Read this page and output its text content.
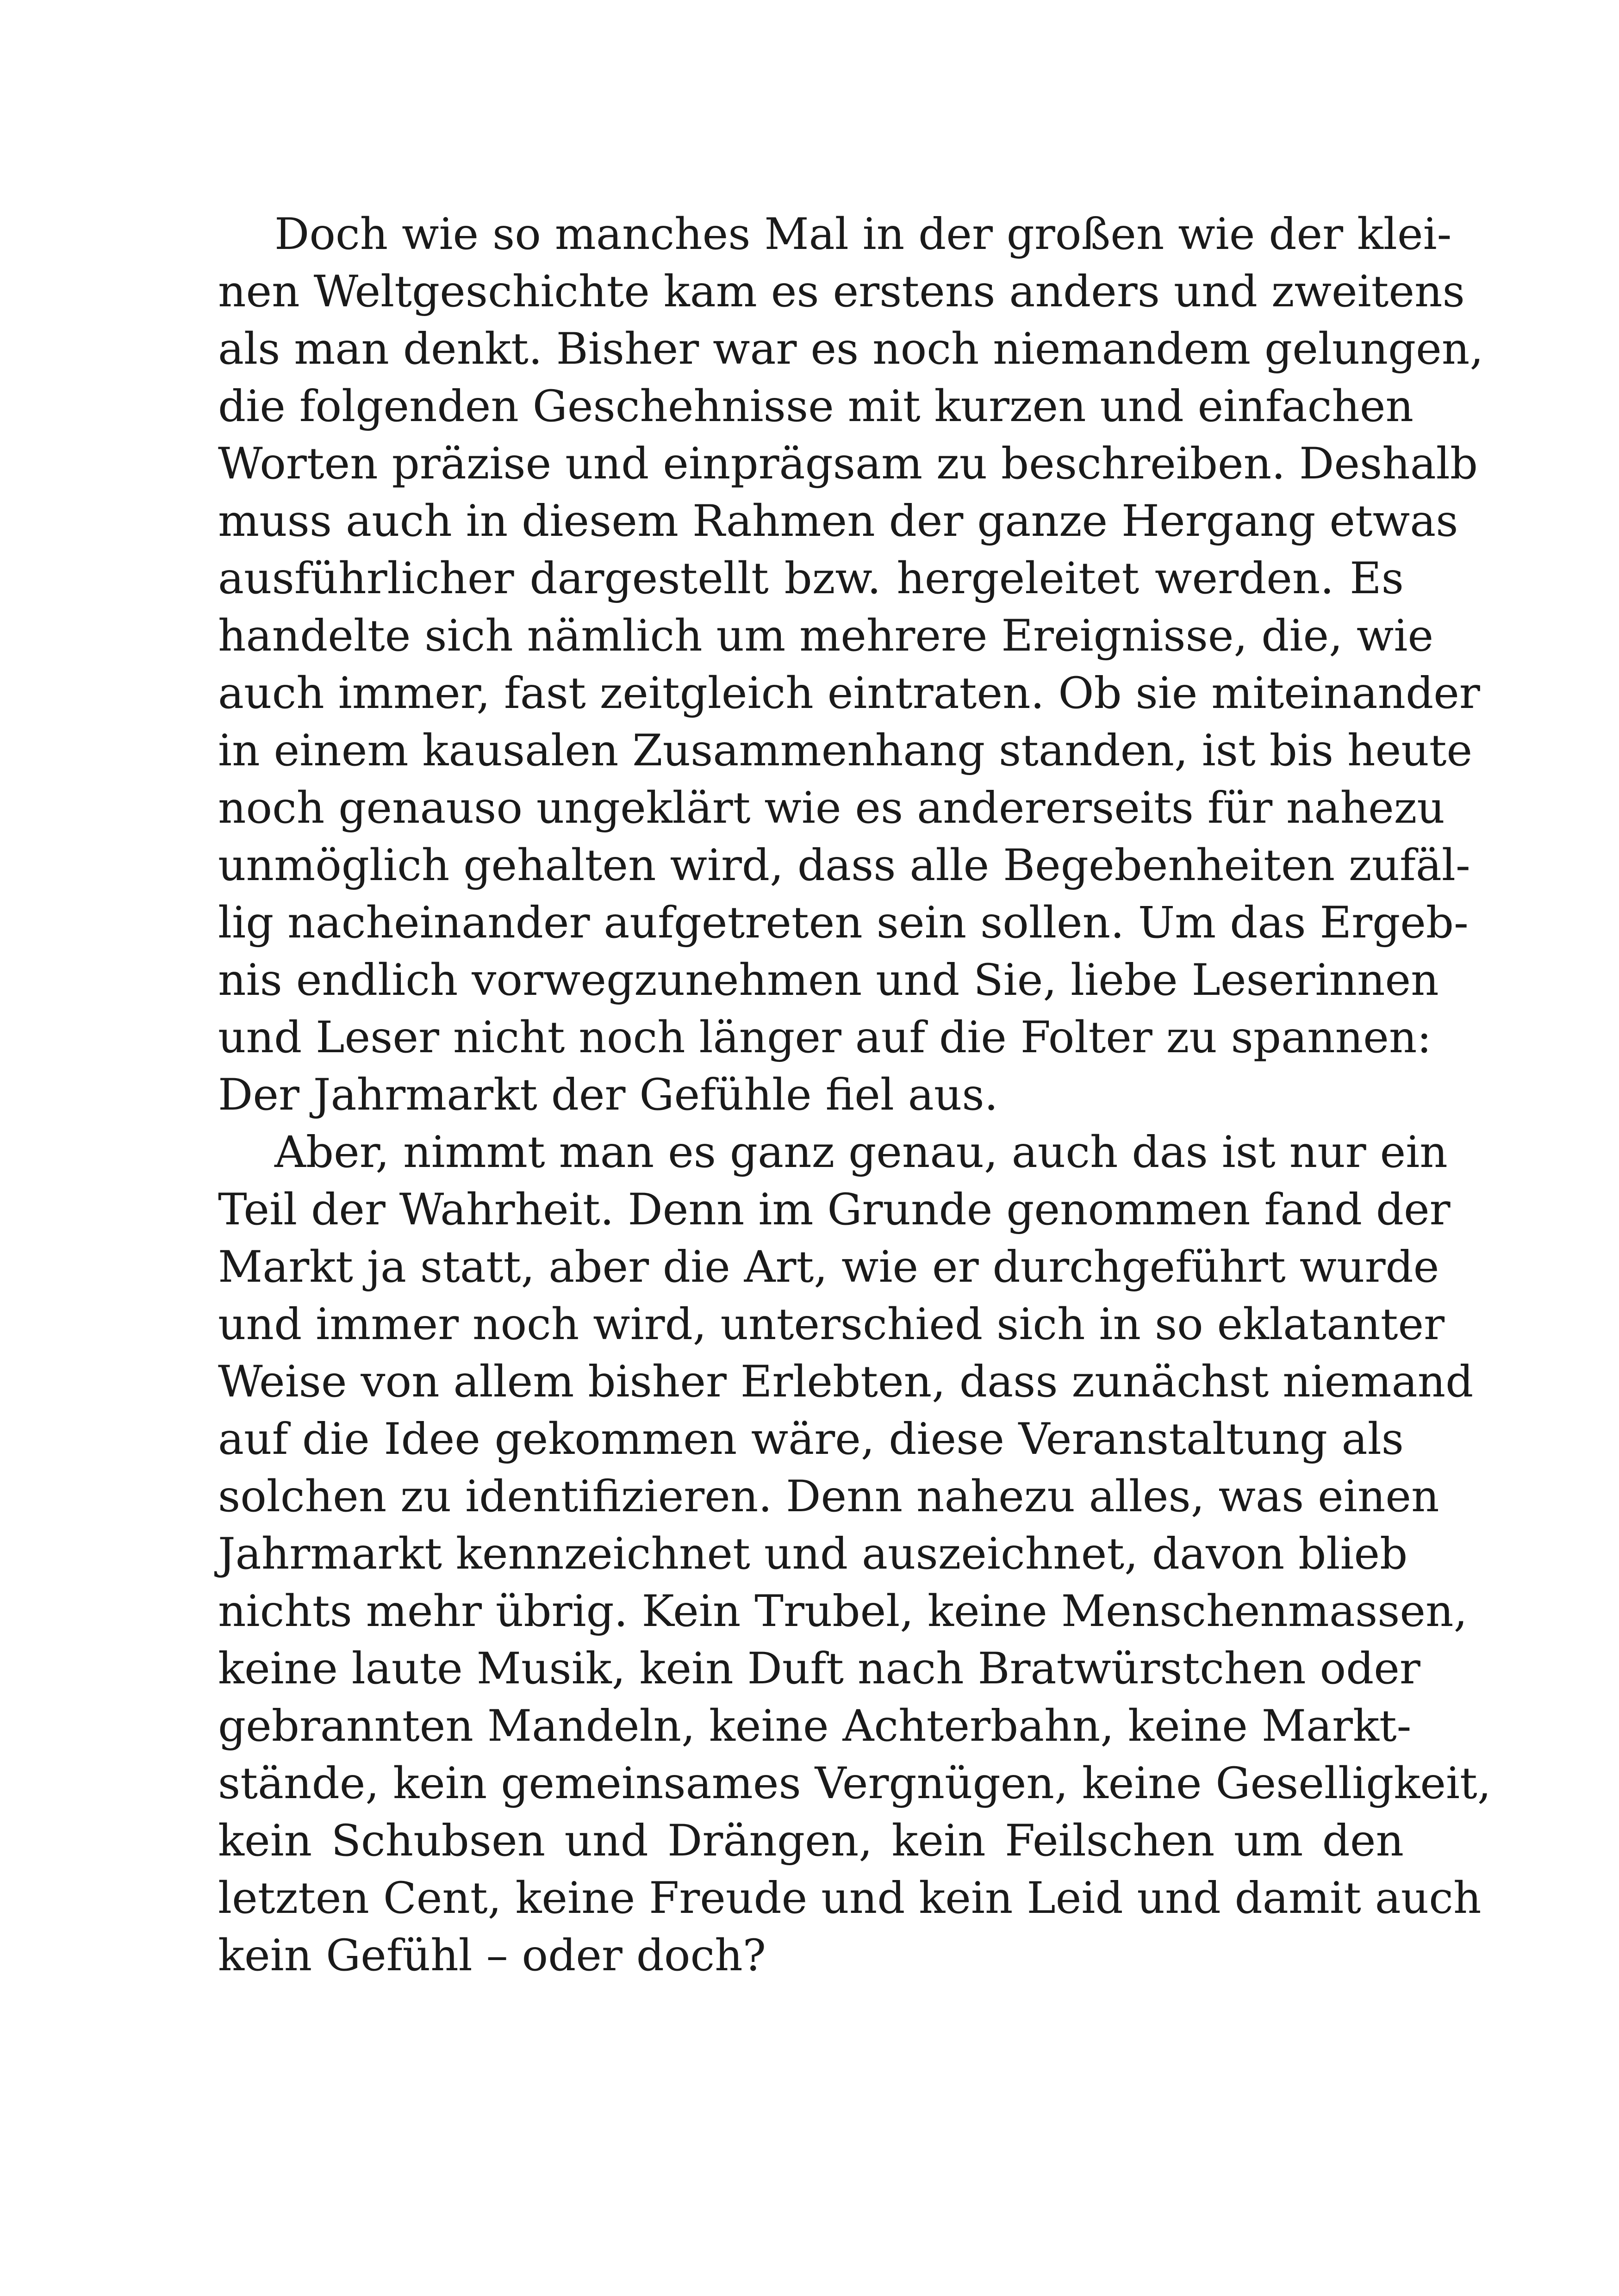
Doch wie so manches Mal in der großen wie der klei-
nen Weltgeschichte kam es erstens anders und zweitens
als man denkt. Bisher war es noch niemandem gelungen,
die folgenden Geschehnisse mit kurzen und einfachen
Worten präzise und einprägsam zu beschreiben. Deshalb
muss auch in diesem Rahmen der ganze Hergang etwas
ausführlicher dargestellt bzw. hergeleitet werden. Es
handelte sich nämlich um mehrere Ereignisse, die, wie
auch immer, fast zeitgleich eintraten. Ob sie miteinander
in einem kausalen Zusammenhang standen, ist bis heute
noch genauso ungeklärt wie es andererseits für nahezu
unmöglich gehalten wird, dass alle Begebenheiten zufäl-
lig nacheinander aufgetreten sein sollen. Um das Ergeb-
nis endlich vorwegzunehmen und Sie, liebe Leserinnen
und Leser nicht noch länger auf die Folter zu spannen:
Der Jahrmarkt der Gefühle fiel aus.
Aber, nimmt man es ganz genau, auch das ist nur ein
Teil der Wahrheit. Denn im Grunde genommen fand der
Markt ja statt, aber die Art, wie er durchgeführt wurde
und immer noch wird, unterschied sich in so eklatanter
Weise von allem bisher Erlebten, dass zunächst niemand
auf die Idee gekommen wäre, diese Veranstaltung als
solchen zu identifizieren. Denn nahezu alles, was einen
Jahrmarkt kennzeichnet und auszeichnet, davon blieb
nichts mehr übrig. Kein Trubel, keine Menschenmassen,
keine laute Musik, kein Duft nach Bratwürstchen oder
gebrannten Mandeln, keine Achterbahn, keine Markt-
stände, kein gemeinsames Vergnügen, keine Geselligkeit,
kein Schubsen und Drängen, kein Feilschen um den
letzten Cent, keine Freude und kein Leid und damit auch
kein Gefühl – oder doch?
